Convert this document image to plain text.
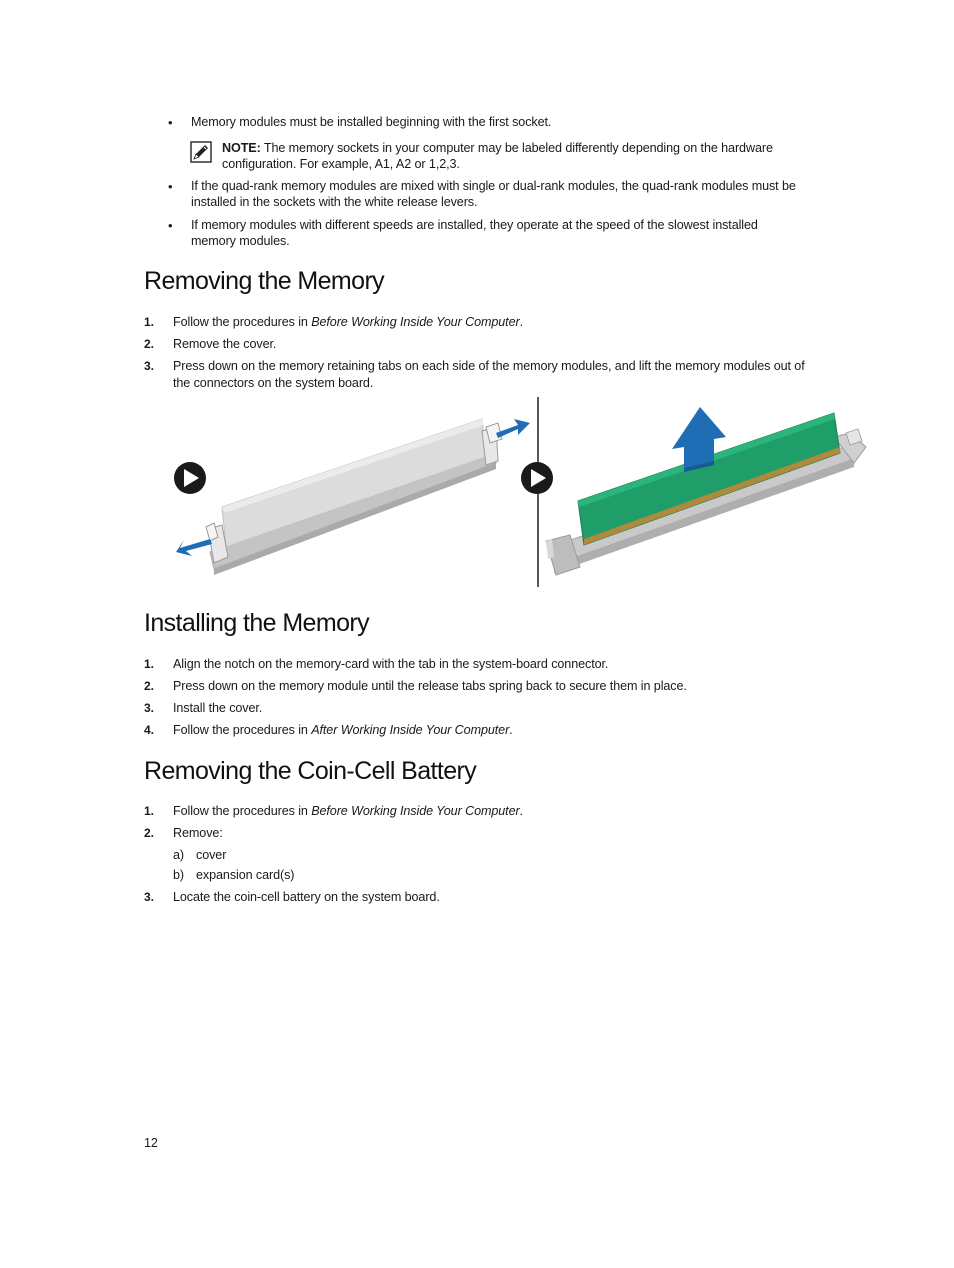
• Memory modules must be installed beginning with the first socket.
NOTE: The memory sockets in your computer may be labeled differently depending on the hardware
configuration. For example, A1, A2 or 1,2,3.
• If the quad-rank memory modules are mixed with single or dual-rank modules, the quad-rank modules must be
installed in the sockets with the white release levers.
• If memory modules with different speeds are installed, they operate at the speed of the slowest installed
memory modules.
Removing the Memory
1. Follow the procedures in Before Working Inside Your Computer.
2. Remove the cover.
3. Press down on the memory retaining tabs on each side of the memory modules, and lift the memory modules out of
the connectors on the system board.
Installing the Memory
1. Align the notch on the memory-card with the tab in the system-board connector.
2. Press down on the memory module until the release tabs spring back to secure them in place.
3. Install the cover.
4. Follow the procedures in After Working Inside Your Computer.
Removing the Coin-Cell Battery
1. Follow the procedures in Before Working Inside Your Computer.
2. Remove:
a) cover
b) expansion card(s)
3. Locate the coin-cell battery on the system board.
12
